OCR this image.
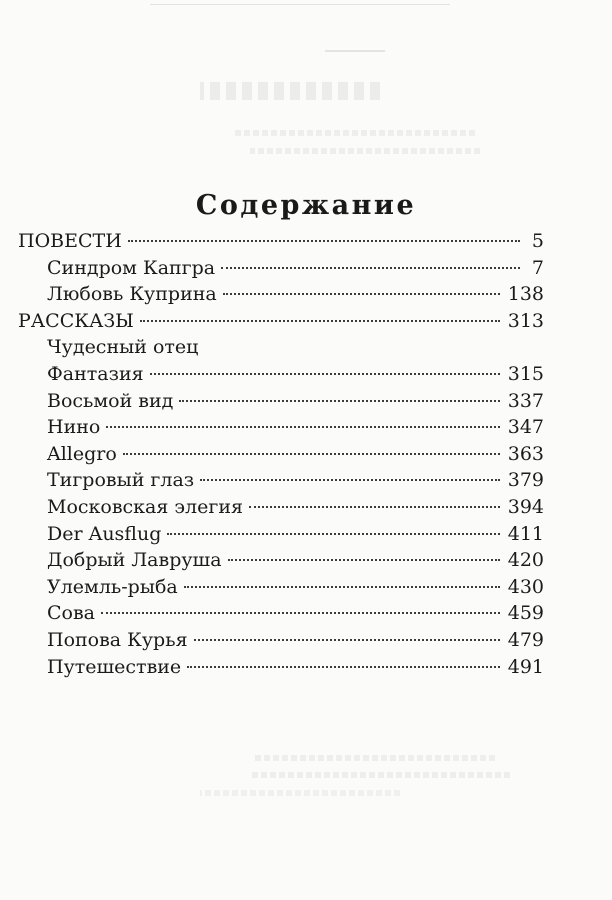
Содержание
ПОВЕСТИ	5
Синдром Капгра	7
Любовь Куприна	138
РАССКАЗЫ	313
Чудесный отец
Фантазия	315
Восьмой вид	337
Нино	347
Allegro	363
Тигровый глаз	379
Московская элегия	394
Der Ausflug	411
Добрый Лавруша	420
Улемль-рыба	430
Сова	459
Попова Курья	479
Путешествие	491
